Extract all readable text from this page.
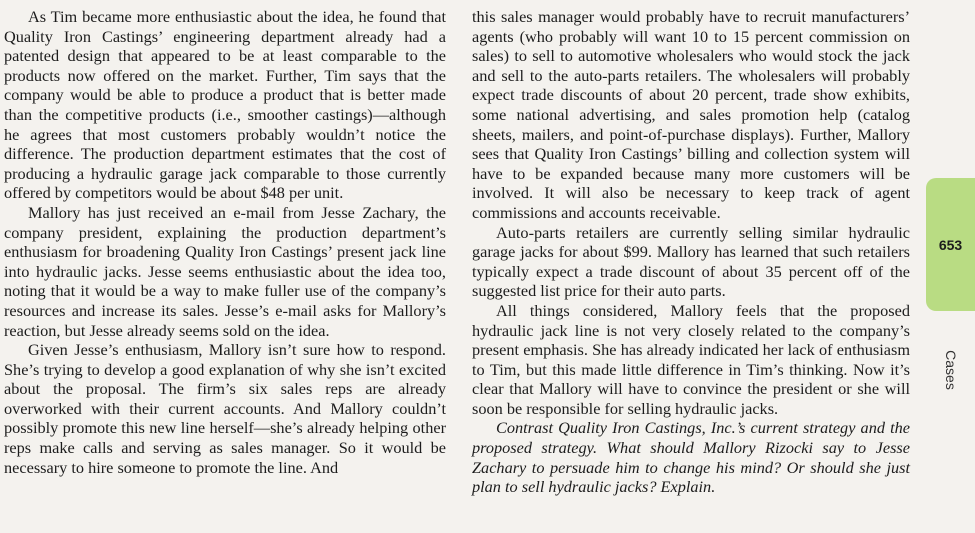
As Tim became more enthusiastic about the idea, he found that Quality Iron Castings’ engineering department already had a patented design that appeared to be at least comparable to the products now offered on the market. Further, Tim says that the company would be able to produce a product that is better made than the competitive products (i.e., smoother castings)—although he agrees that most customers probably wouldn’t notice the difference. The production department estimates that the cost of producing a hydraulic garage jack comparable to those currently offered by competitors would be about $48 per unit.

Mallory has just received an e-mail from Jesse Zachary, the company president, explaining the production department’s enthusiasm for broadening Quality Iron Castings’ present jack line into hydraulic jacks. Jesse seems enthusiastic about the idea too, noting that it would be a way to make fuller use of the company’s resources and increase its sales. Jesse’s e-mail asks for Mallory’s reaction, but Jesse already seems sold on the idea.

Given Jesse’s enthusiasm, Mallory isn’t sure how to respond. She’s trying to develop a good explanation of why she isn’t excited about the proposal. The firm’s six sales reps are already overworked with their current accounts. And Mallory couldn’t possibly promote this new line herself—she’s already helping other reps make calls and serving as sales manager. So it would be necessary to hire someone to promote the line. And

this sales manager would probably have to recruit manufacturers’ agents (who probably will want 10 to 15 percent commission on sales) to sell to automotive wholesalers who would stock the jack and sell to the auto-parts retailers. The wholesalers will probably expect trade discounts of about 20 percent, trade show exhibits, some national advertising, and sales promotion help (catalog sheets, mailers, and point-of-purchase displays). Further, Mallory sees that Quality Iron Castings’ billing and collection system will have to be expanded because many more customers will be involved. It will also be necessary to keep track of agent commissions and accounts receivable.

Auto-parts retailers are currently selling similar hydraulic garage jacks for about $99. Mallory has learned that such retailers typically expect a trade discount of about 35 percent off of the suggested list price for their auto parts.

All things considered, Mallory feels that the proposed hydraulic jack line is not very closely related to the company’s present emphasis. She has already indicated her lack of enthusiasm to Tim, but this made little difference in Tim’s thinking. Now it’s clear that Mallory will have to convince the president or she will soon be responsible for selling hydraulic jacks.

Contrast Quality Iron Castings, Inc.’s current strategy and the proposed strategy. What should Mallory Rizocki say to Jesse Zachary to persuade him to change his mind? Or should she just plan to sell hydraulic jacks? Explain.

653
Cases
